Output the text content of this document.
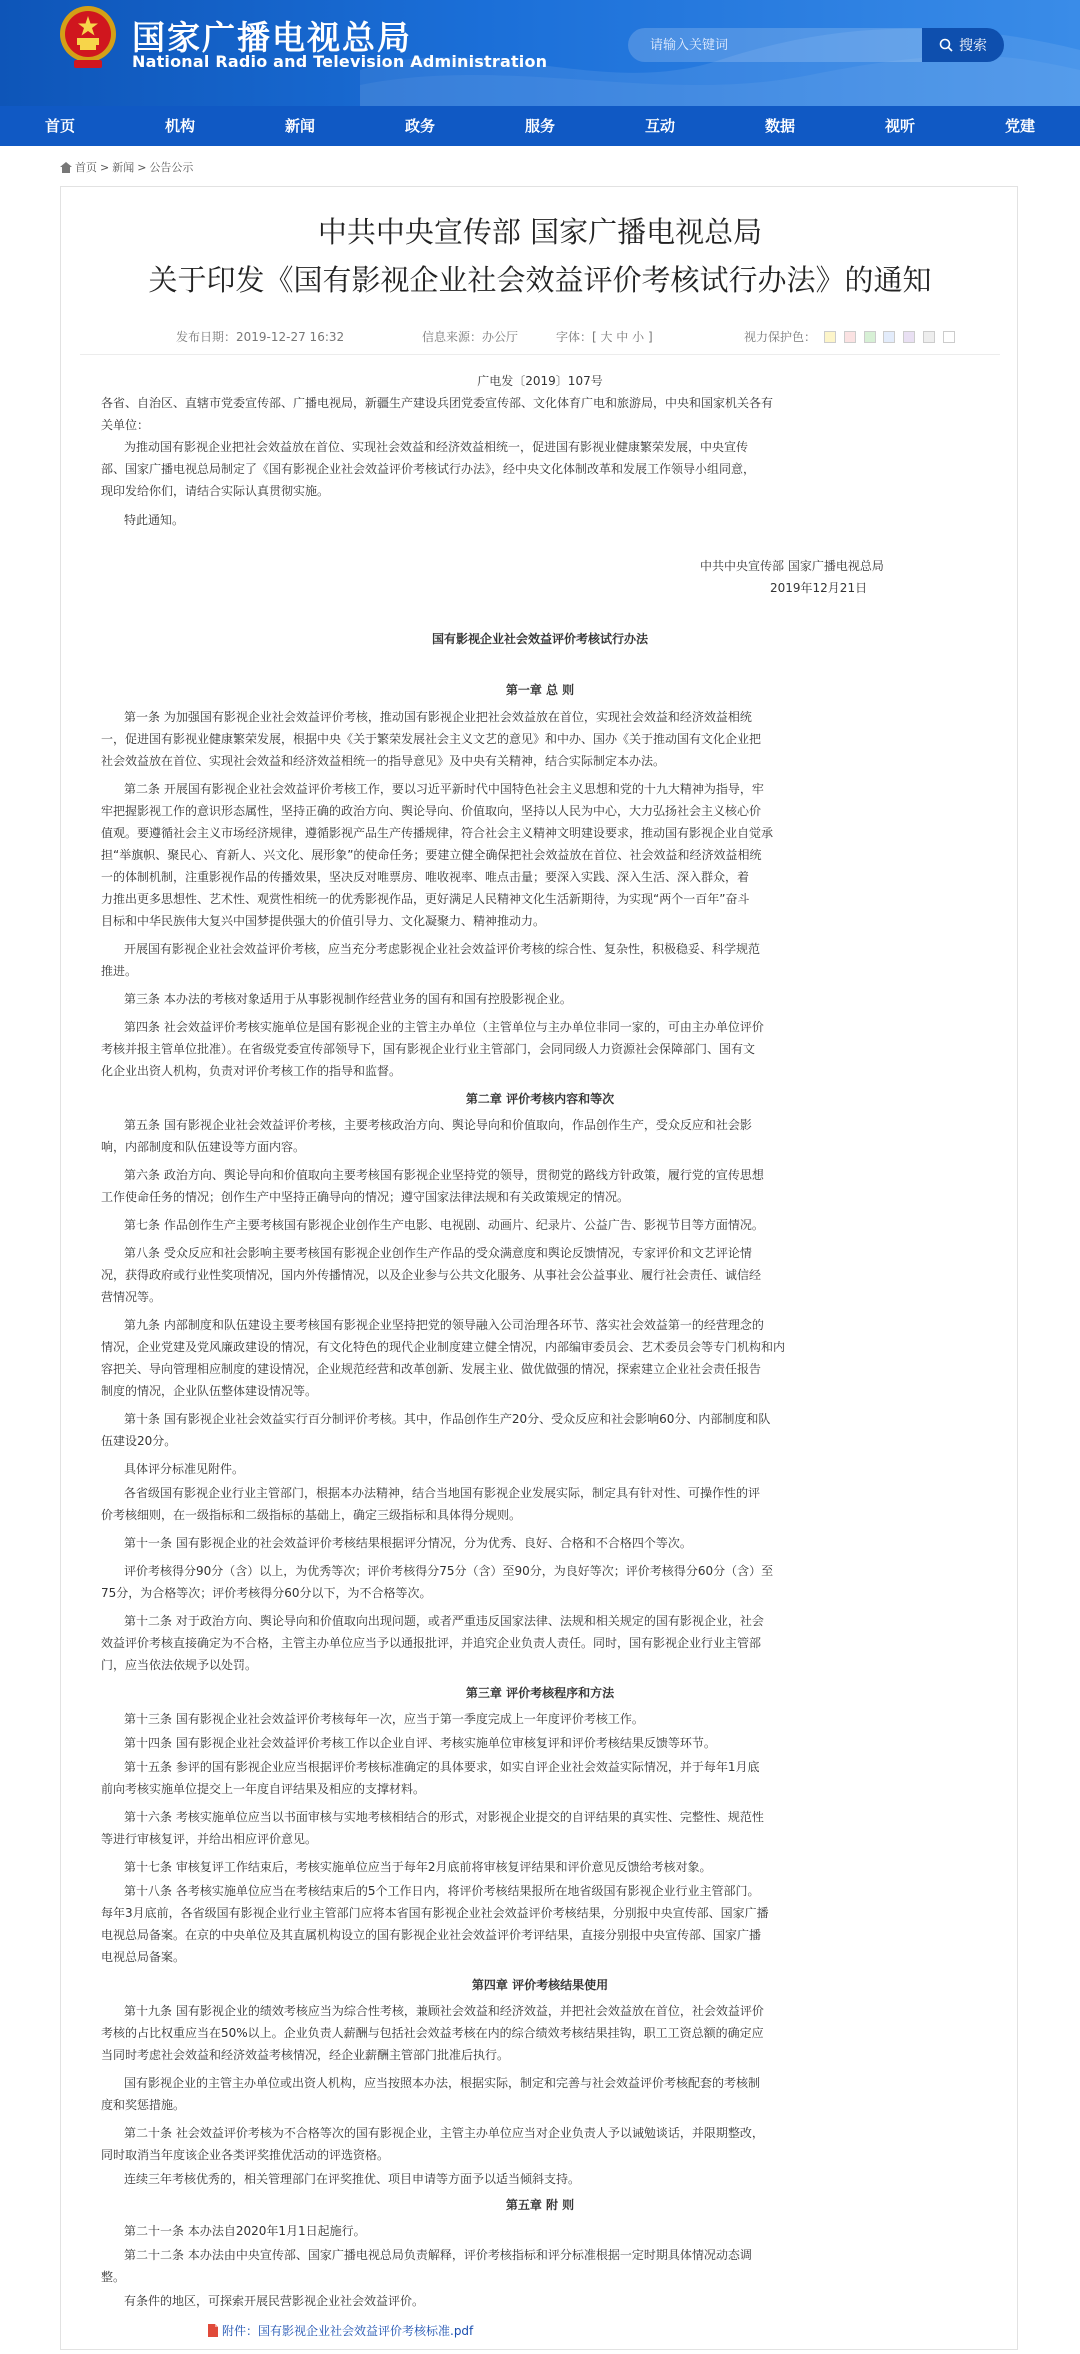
国家广播电视总局
National Radio and Television Administration
请输入关键词
搜索
首页	机构	新闻	政务	服务	互动	数据	视听	党建
首页 > 新闻 > 公告公示
中共中央宣传部 国家广播电视总局
关于印发《国有影视企业社会效益评价考核试行办法》的通知
发布日期：2019-12-27 16:32	信息来源：办公厅	字体：[ 大 中 小 ]	视力保护色：
广电发〔2019〕107号
各省、自治区、直辖市党委宣传部、广播电视局，新疆生产建设兵团党委宣传部、文化体育广电和旅游局，中央和国家机关各有
关单位：
为推动国有影视企业把社会效益放在首位、实现社会效益和经济效益相统一，促进国有影视业健康繁荣发展，中央宣传
部、国家广播电视总局制定了《国有影视企业社会效益评价考核试行办法》，经中央文化体制改革和发展工作领导小组同意，
现印发给你们，请结合实际认真贯彻实施。
特此通知。
中共中央宣传部 国家广播电视总局
2019年12月21日
国有影视企业社会效益评价考核试行办法
第一章 总 则
第一条 为加强国有影视企业社会效益评价考核，推动国有影视企业把社会效益放在首位，实现社会效益和经济效益相统
一，促进国有影视业健康繁荣发展，根据中央《关于繁荣发展社会主义文艺的意见》和中办、国办《关于推动国有文化企业把
社会效益放在首位、实现社会效益和经济效益相统一的指导意见》及中央有关精神，结合实际制定本办法。
第二条 开展国有影视企业社会效益评价考核工作，要以习近平新时代中国特色社会主义思想和党的十九大精神为指导，牢
牢把握影视工作的意识形态属性，坚持正确的政治方向、舆论导向、价值取向，坚持以人民为中心，大力弘扬社会主义核心价
值观。要遵循社会主义市场经济规律，遵循影视产品生产传播规律，符合社会主义精神文明建设要求，推动国有影视企业自觉承
担“举旗帜、聚民心、育新人、兴文化、展形象”的使命任务；要建立健全确保把社会效益放在首位、社会效益和经济效益相统
一的体制机制，注重影视作品的传播效果，坚决反对唯票房、唯收视率、唯点击量；要深入实践、深入生活、深入群众，着
力推出更多思想性、艺术性、观赏性相统一的优秀影视作品，更好满足人民精神文化生活新期待，为实现“两个一百年”奋斗
目标和中华民族伟大复兴中国梦提供强大的价值引导力、文化凝聚力、精神推动力。
开展国有影视企业社会效益评价考核，应当充分考虑影视企业社会效益评价考核的综合性、复杂性，积极稳妥、科学规范
推进。
第三条 本办法的考核对象适用于从事影视制作经营业务的国有和国有控股影视企业。
第四条 社会效益评价考核实施单位是国有影视企业的主管主办单位（主管单位与主办单位非同一家的，可由主办单位评价
考核并报主管单位批准）。在省级党委宣传部领导下，国有影视企业行业主管部门，会同同级人力资源社会保障部门、国有文
化企业出资人机构，负责对评价考核工作的指导和监督。
第二章 评价考核内容和等次
第五条 国有影视企业社会效益评价考核，主要考核政治方向、舆论导向和价值取向，作品创作生产，受众反应和社会影
响，内部制度和队伍建设等方面内容。
第六条 政治方向、舆论导向和价值取向主要考核国有影视企业坚持党的领导，贯彻党的路线方针政策，履行党的宣传思想
工作使命任务的情况；创作生产中坚持正确导向的情况；遵守国家法律法规和有关政策规定的情况。
第七条 作品创作生产主要考核国有影视企业创作生产电影、电视剧、动画片、纪录片、公益广告、影视节目等方面情况。
第八条 受众反应和社会影响主要考核国有影视企业创作生产作品的受众满意度和舆论反馈情况，专家评价和文艺评论情
况，获得政府或行业性奖项情况，国内外传播情况，以及企业参与公共文化服务、从事社会公益事业、履行社会责任、诚信经
营情况等。
第九条 内部制度和队伍建设主要考核国有影视企业坚持把党的领导融入公司治理各环节、落实社会效益第一的经营理念的
情况，企业党建及党风廉政建设的情况，有文化特色的现代企业制度建立健全情况，内部编审委员会、艺术委员会等专门机构和内
容把关、导向管理相应制度的建设情况，企业规范经营和改革创新、发展主业、做优做强的情况，探索建立企业社会责任报告
制度的情况，企业队伍整体建设情况等。
第十条 国有影视企业社会效益实行百分制评价考核。其中，作品创作生产20分、受众反应和社会影响60分、内部制度和队
伍建设20分。
具体评分标准见附件。
各省级国有影视企业行业主管部门，根据本办法精神，结合当地国有影视企业发展实际，制定具有针对性、可操作性的评
价考核细则，在一级指标和二级指标的基础上，确定三级指标和具体得分规则。
第十一条 国有影视企业的社会效益评价考核结果根据评分情况，分为优秀、良好、合格和不合格四个等次。
评价考核得分90分（含）以上，为优秀等次；评价考核得分75分（含）至90分，为良好等次；评价考核得分60分（含）至
75分，为合格等次；评价考核得分60分以下，为不合格等次。
第十二条 对于政治方向、舆论导向和价值取向出现问题，或者严重违反国家法律、法规和相关规定的国有影视企业，社会
效益评价考核直接确定为不合格，主管主办单位应当予以通报批评，并追究企业负责人责任。同时，国有影视企业行业主管部
门，应当依法依规予以处罚。
第三章 评价考核程序和方法
第十三条 国有影视企业社会效益评价考核每年一次，应当于第一季度完成上一年度评价考核工作。
第十四条 国有影视企业社会效益评价考核工作以企业自评、考核实施单位审核复评和评价考核结果反馈等环节。
第十五条 参评的国有影视企业应当根据评价考核标准确定的具体要求，如实自评企业社会效益实际情况，并于每年1月底
前向考核实施单位提交上一年度自评结果及相应的支撑材料。
第十六条 考核实施单位应当以书面审核与实地考核相结合的形式，对影视企业提交的自评结果的真实性、完整性、规范性
等进行审核复评，并给出相应评价意见。
第十七条 审核复评工作结束后，考核实施单位应当于每年2月底前将审核复评结果和评价意见反馈给考核对象。
第十八条 各考核实施单位应当在考核结束后的5个工作日内，将评价考核结果报所在地省级国有影视企业行业主管部门。
每年3月底前，各省级国有影视企业行业主管部门应将本省国有影视企业社会效益评价考核结果，分别报中央宣传部、国家广播
电视总局备案。在京的中央单位及其直属机构设立的国有影视企业社会效益评价考评结果，直接分别报中央宣传部、国家广播
电视总局备案。
第四章 评价考核结果使用
第十九条 国有影视企业的绩效考核应当为综合性考核，兼顾社会效益和经济效益，并把社会效益放在首位，社会效益评价
考核的占比权重应当在50%以上。企业负责人薪酬与包括社会效益考核在内的综合绩效考核结果挂钩，职工工资总额的确定应
当同时考虑社会效益和经济效益考核情况，经企业薪酬主管部门批准后执行。
国有影视企业的主管主办单位或出资人机构，应当按照本办法，根据实际，制定和完善与社会效益评价考核配套的考核制
度和奖惩措施。
第二十条 社会效益评价考核为不合格等次的国有影视企业，主管主办单位应当对企业负责人予以诫勉谈话，并限期整改，
同时取消当年度该企业各类评奖推优活动的评选资格。
连续三年考核优秀的，相关管理部门在评奖推优、项目申请等方面予以适当倾斜支持。
第五章 附 则
第二十一条 本办法自2020年1月1日起施行。
第二十二条 本办法由中央宣传部、国家广播电视总局负责解释，评价考核指标和评分标准根据一定时期具体情况动态调
整。
有条件的地区，可探索开展民营影视企业社会效益评价。
附件：国有影视企业社会效益评价考核标准.pdf
